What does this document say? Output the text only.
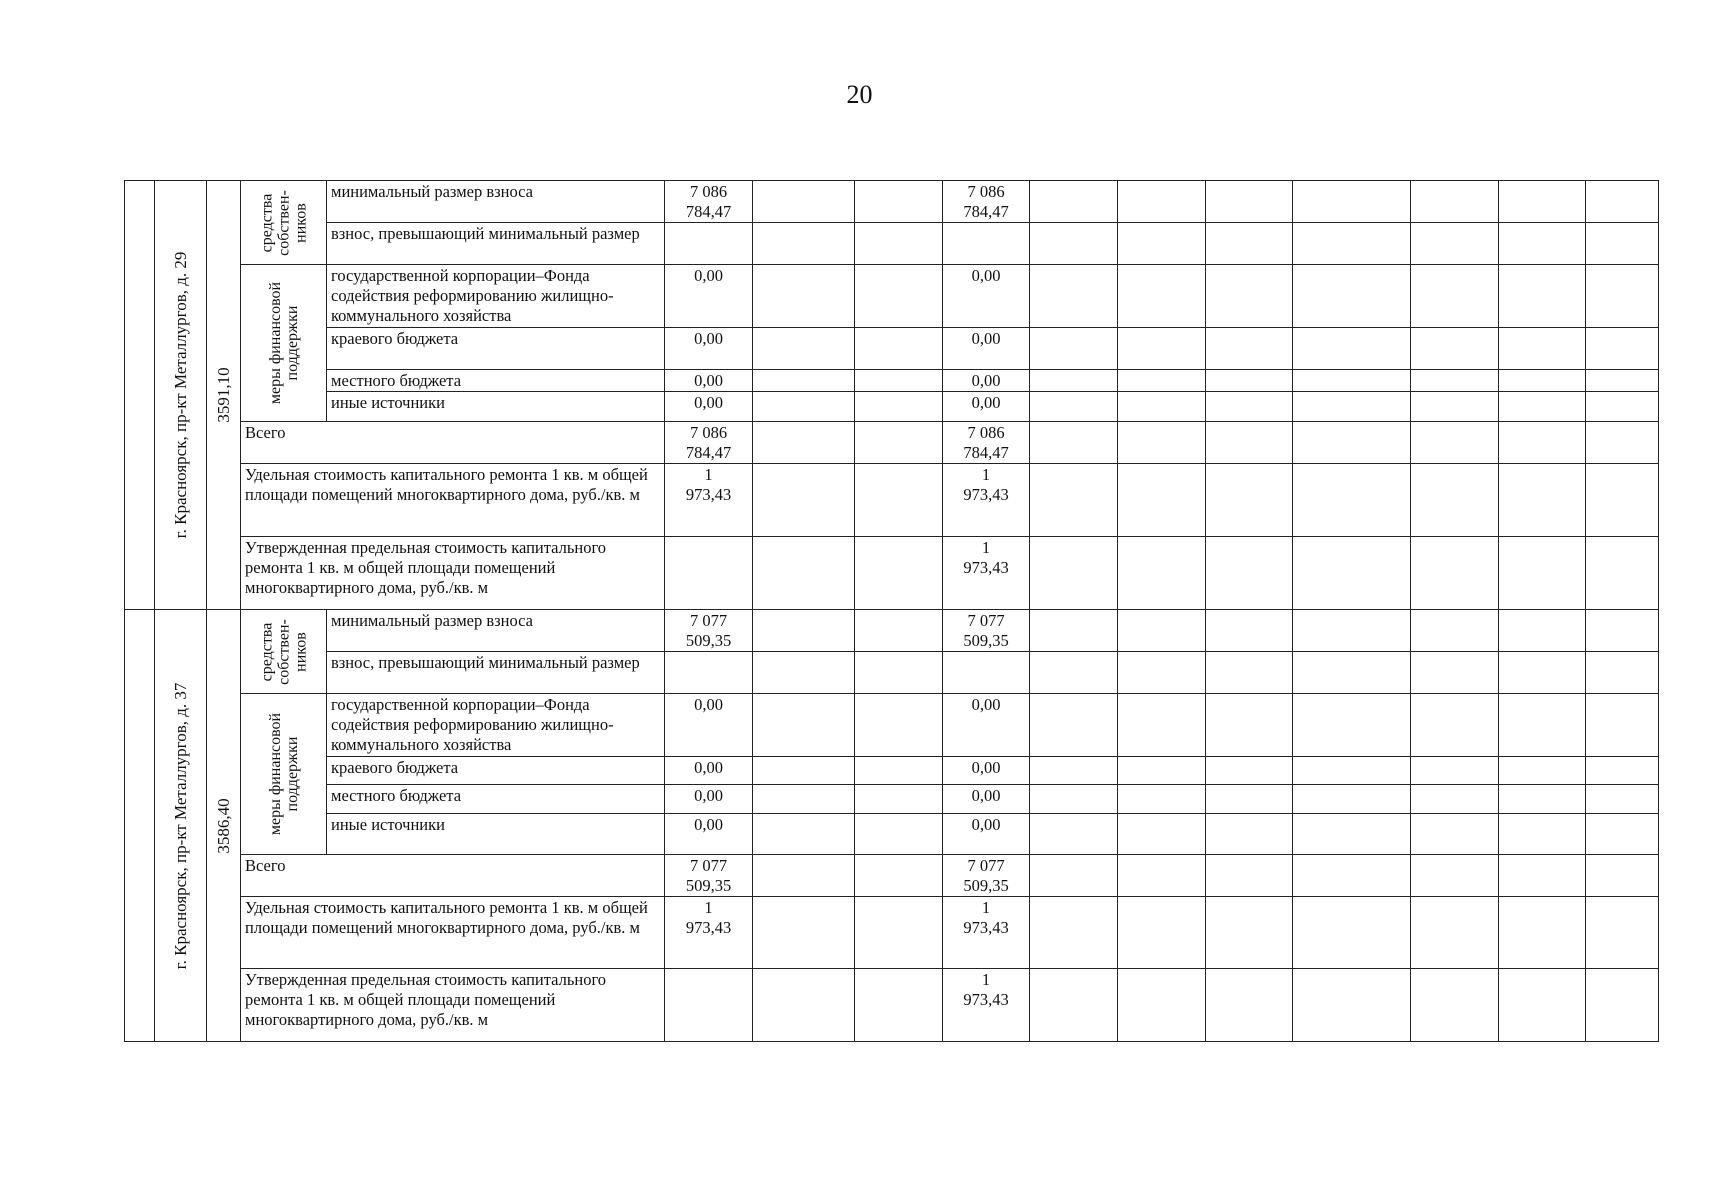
20

	г. Красноярск, пр-кт Металлургов, д. 29	3591,10	средства собствен- ников	минимальный размер взноса	7 086
784,47			7 086
784,47							

				взнос, превышающий минимальный размер											

			меры финансовой поддержки	государственной корпорации–Фонда содействия реформированию жилищно-коммунального хозяйства	0,00			0,00							
				краевого бюджета	0,00			0,00							
				местного бюджета	0,00			0,00							
				иные источники	0,00			0,00							
			Всего		7 086
784,47			7 086
784,47							

			Удельная стоимость капитального ремонта 1 кв. м общей площади помещений многоквартирного дома, руб./кв. м		1
973,43			1
973,43							

			Утвержденная предельная стоимость капитального ремонта 1 кв. м общей площади помещений многоквартирного дома, руб./кв. м					1
973,43							

	г. Красноярск, пр-кт Металлургов, д. 37	3586,40	средства собствен- ников	минимальный размер взноса	7 077
509,35			7 077
509,35							

				взнос, превышающий минимальный размер											

			меры финансовой поддержки	государственной корпорации–Фонда содействия реформированию жилищно-коммунального хозяйства	0,00			0,00							
				краевого бюджета	0,00			0,00							
				местного бюджета	0,00			0,00							
				иные источники	0,00			0,00							
			Всего		7 077
509,35			7 077
509,35							

			Удельная стоимость капитального ремонта 1 кв. м общей площади помещений многоквартирного дома, руб./кв. м		1
973,43			1
973,43							

			Утвержденная предельная стоимость капитального ремонта 1 кв. м общей площади помещений многоквартирного дома, руб./кв. м					1
973,43							
